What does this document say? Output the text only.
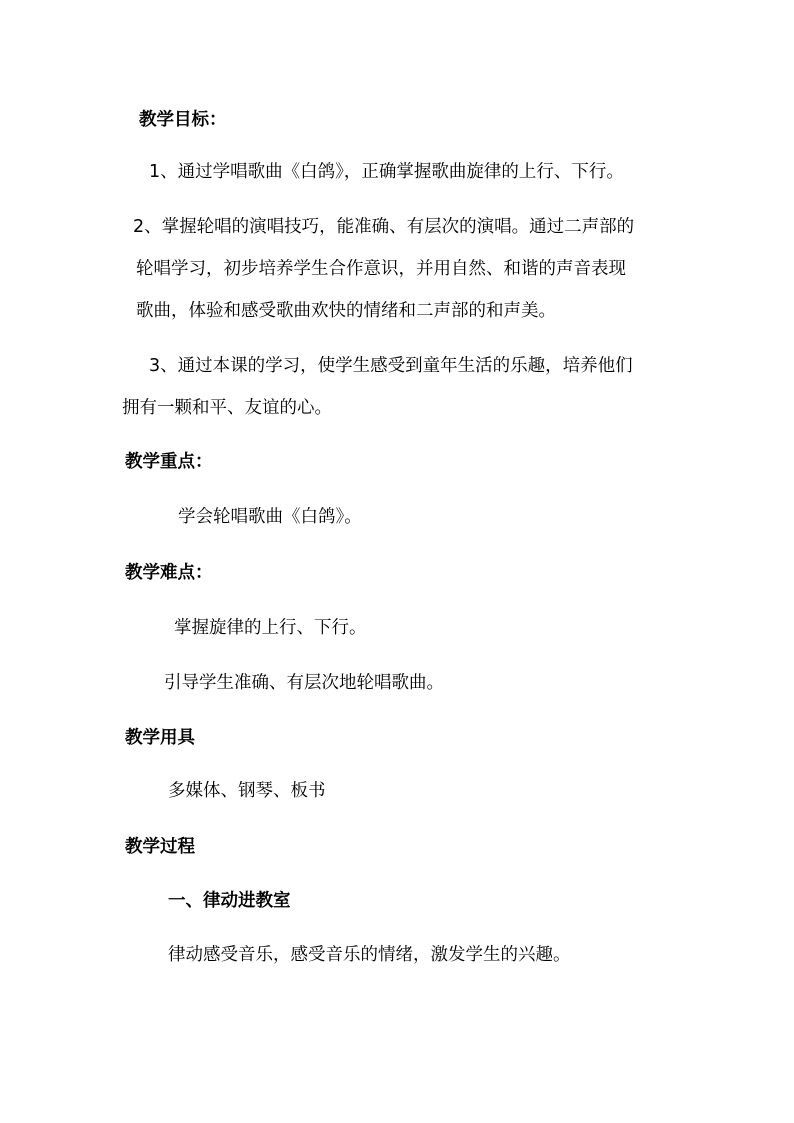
教学目标：

1、通过学唱歌曲《白鸽》，正确掌握歌曲旋律的上行、下行。

2、掌握轮唱的演唱技巧，能准确、有层次的演唱。通过二声部的

轮唱学习，初步培养学生合作意识，并用自然、和谐的声音表现

歌曲，体验和感受歌曲欢快的情绪和二声部的和声美。

3、通过本课的学习，使学生感受到童年生活的乐趣，培养他们

拥有一颗和平、友谊的心。

教学重点：

学会轮唱歌曲《白鸽》。

教学难点：

掌握旋律的上行、下行。

引导学生准确、有层次地轮唱歌曲。

教学用具

多媒体、钢琴、板书

教学过程

一、律动进教室

律动感受音乐，感受音乐的情绪，激发学生的兴趣。
